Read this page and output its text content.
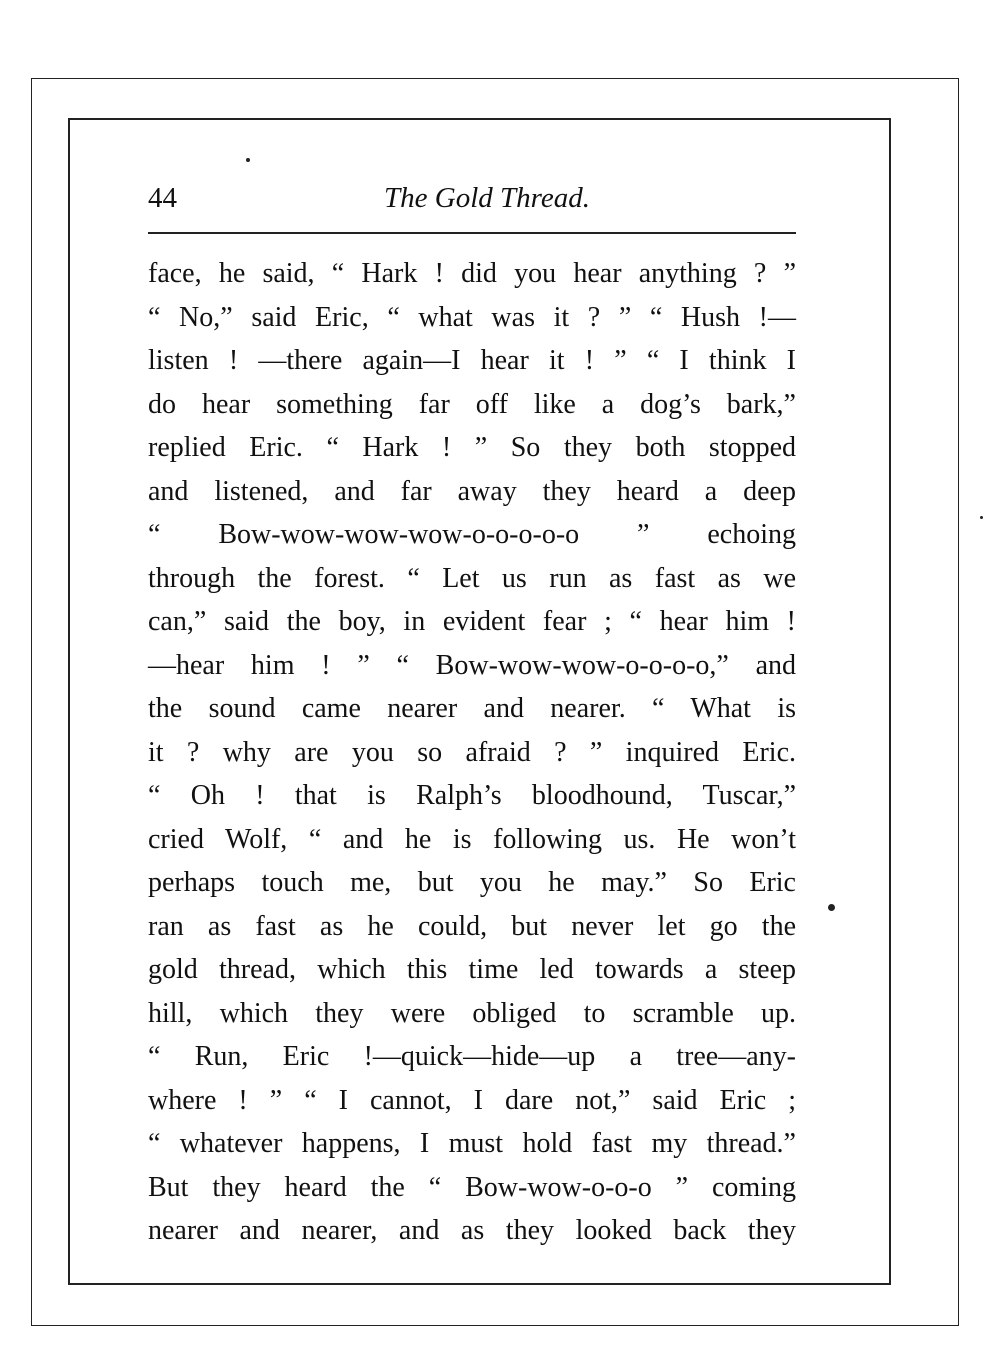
44	The Gold Thread.
face, he said, “ Hark ! did you hear anything ? ”
“ No,” said Eric, “ what was it ? ” “ Hush !—
listen ! —there again—I hear it ! ” “ I think I
do hear something far off like a dog’s bark,”
replied Eric. “ Hark ! ” So they both stopped
and listened, and far away they heard a deep
“ Bow-wow-wow-wow-o-o-o-o-o ” echoing
through the forest. “ Let us run as fast as we
can,” said the boy, in evident fear ; “ hear him !
—hear him ! ” “ Bow-wow-wow-o-o-o-o,” and
the sound came nearer and nearer. “ What is
it ? why are you so afraid ? ” inquired Eric.
“ Oh ! that is Ralph’s bloodhound, Tuscar,”
cried Wolf, “ and he is following us. He won’t
perhaps touch me, but you he may.” So Eric
ran as fast as he could, but never let go the
gold thread, which this time led towards a steep
hill, which they were obliged to scramble up.
“ Run, Eric !—quick—hide—up a tree—any-
where ! ” “ I cannot, I dare not,” said Eric ;
“ whatever happens, I must hold fast my thread.”
But they heard the “ Bow-wow-o-o-o ” coming
nearer and nearer, and as they looked back they
